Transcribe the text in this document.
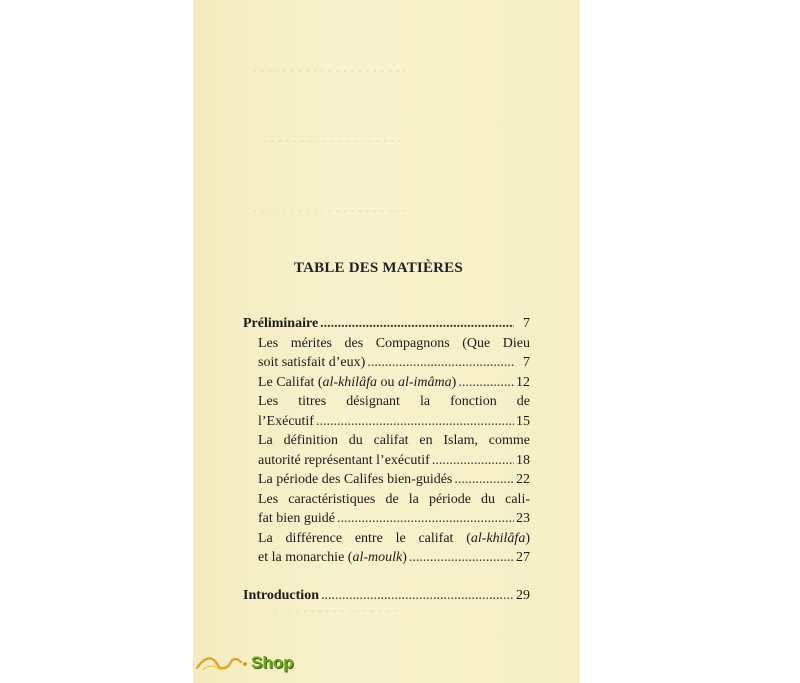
. . . . . . . . . . . . . . . . . . . . .
. . . . . . . . . . . . . . . . . . .
. . . . . . . . . . . . . . . . . . . . .
. . . . . . . . . . . . . . . . .
TABLE DES MATIÈRES
Préliminaire .....	7
Les mérites des Compagnons (Que Dieu
soit satisfait d’eux) .....	7
Le Califat (al-khilâfa ou al-imâma) .....	12
Les titres désignant la fonction de
l’Exécutif .....	15
La définition du califat en Islam, comme
autorité représentant l’exécutif .....	18
La période des Califes bien-guidés .....	22
Les caractéristiques de la période du cali-
fat bien guidé .....	23
La différence entre le califat (al-khilâfa)
et la monarchie (al-moulk) .....	27
Introduction .....	29
Shop
